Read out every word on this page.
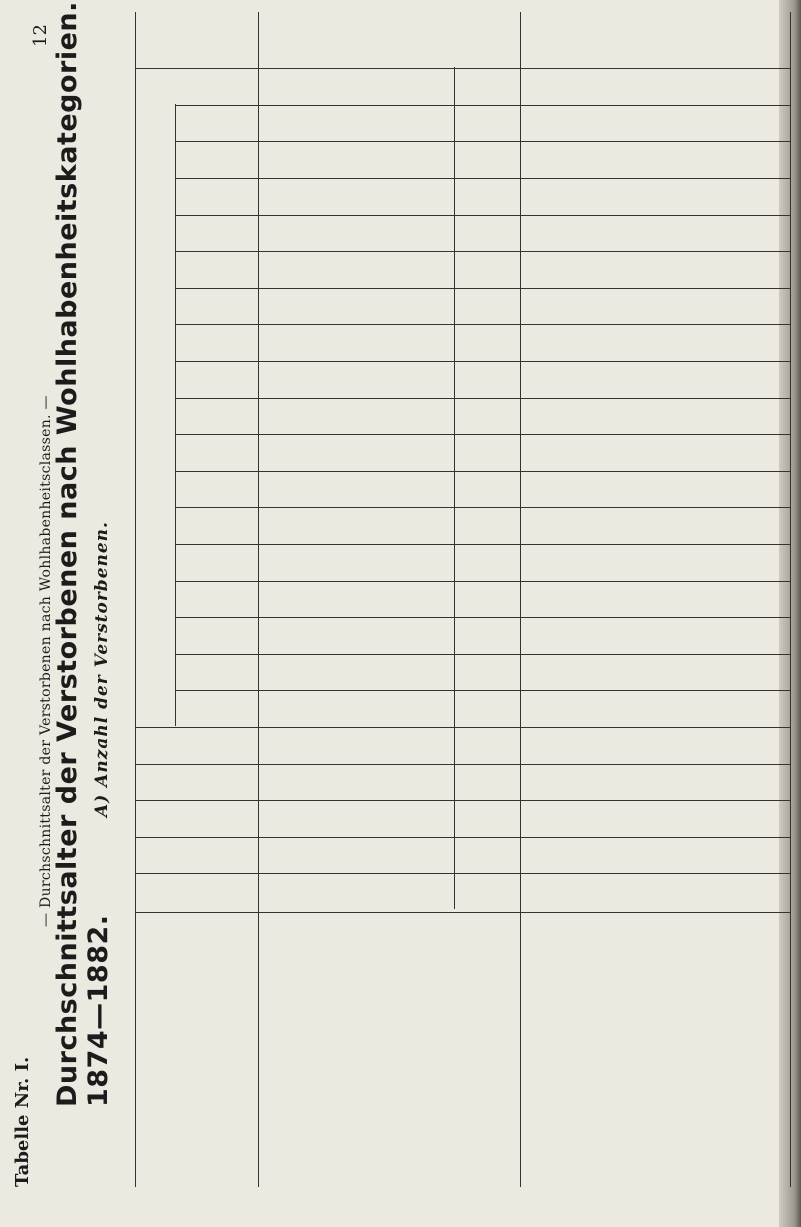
12
— Durchschnittsalter der Verstorbenen nach Wohlhabenheitsclassen. —
Tabelle Nr. I.
Durchschnittsalter der Verstorbenen nach Wohlhabenheitskategorien. 1874—1882.
A) Anzahl der Verstorbenen.
